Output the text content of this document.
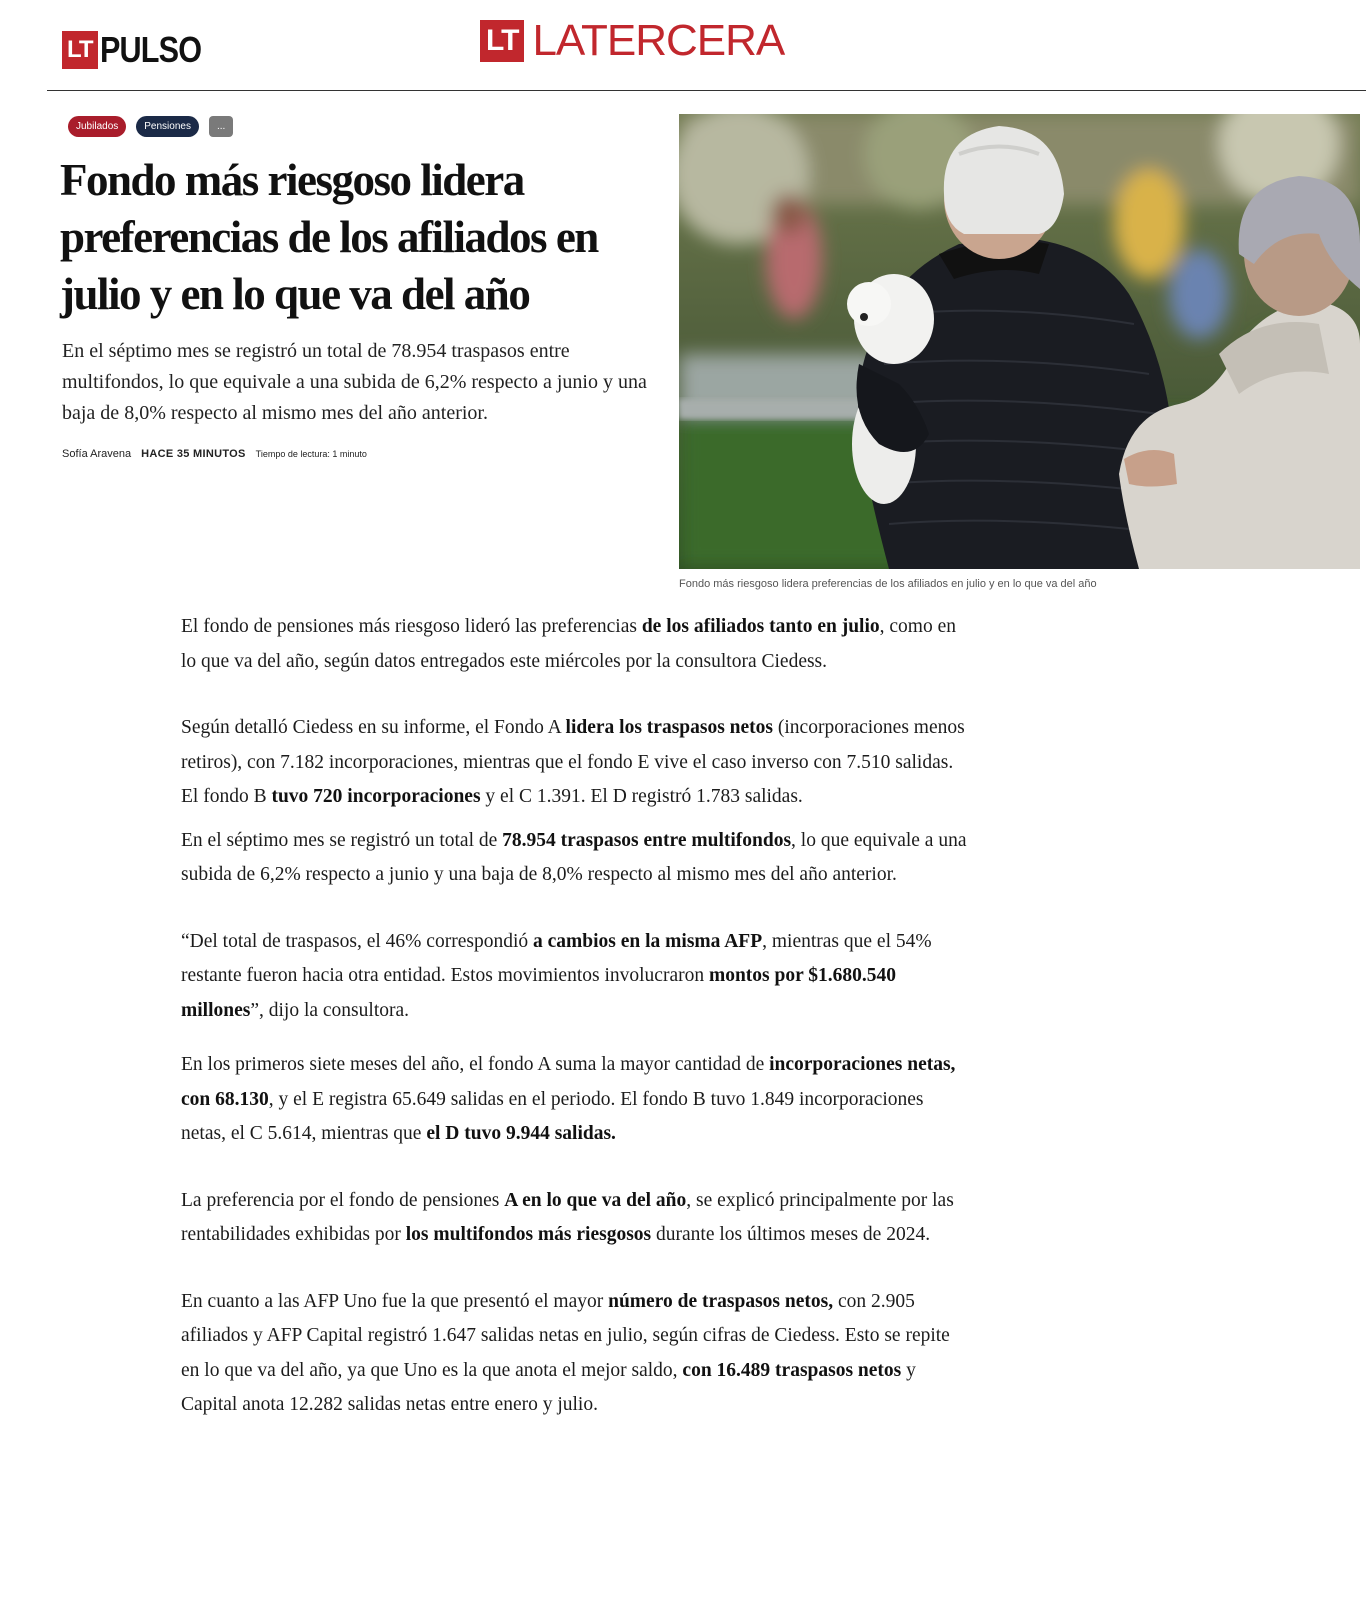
LT PULSO	LT LATERCERA
Jubilados	Pensiones	...
Fondo más riesgoso lidera preferencias de los afiliados en julio y en lo que va del año

En el séptimo mes se registró un total de 78.954 traspasos entre multifondos, lo que equivale a una subida de 6,2% respecto a junio y una baja de 8,0% respecto al mismo mes del año anterior.

Sofía Aravena HACE 35 MINUTOS Tiempo de lectura: 1 minuto
Fondo más riesgoso lidera preferencias de los afiliados en julio y en lo que va del año

El fondo de pensiones más riesgoso lideró las preferencias de los afiliados tanto en julio, como en lo que va del año, según datos entregados este miércoles por la consultora Ciedess.

Según detalló Ciedess en su informe, el Fondo A lidera los traspasos netos (incorporaciones menos retiros), con 7.182 incorporaciones, mientras que el fondo E vive el caso inverso con 7.510 salidas. El fondo B tuvo 720 incorporaciones y el C 1.391. El D registró 1.783 salidas.

En el séptimo mes se registró un total de 78.954 traspasos entre multifondos, lo que equivale a una subida de 6,2% respecto a junio y una baja de 8,0% respecto al mismo mes del año anterior.

“Del total de traspasos, el 46% correspondió a cambios en la misma AFP, mientras que el 54% restante fueron hacia otra entidad. Estos movimientos involucraron montos por $1.680.540 millones”, dijo la consultora.

En los primeros siete meses del año, el fondo A suma la mayor cantidad de incorporaciones netas, con 68.130, y el E registra 65.649 salidas en el periodo. El fondo B tuvo 1.849 incorporaciones netas, el C 5.614, mientras que el D tuvo 9.944 salidas.

La preferencia por el fondo de pensiones A en lo que va del año, se explicó principalmente por las rentabilidades exhibidas por los multifondos más riesgosos durante los últimos meses de 2024.

En cuanto a las AFP Uno fue la que presentó el mayor número de traspasos netos, con 2.905 afiliados y AFP Capital registró 1.647 salidas netas en julio, según cifras de Ciedess. Esto se repite en lo que va del año, ya que Uno es la que anota el mejor saldo, con 16.489 traspasos netos y Capital anota 12.282 salidas netas entre enero y julio.
